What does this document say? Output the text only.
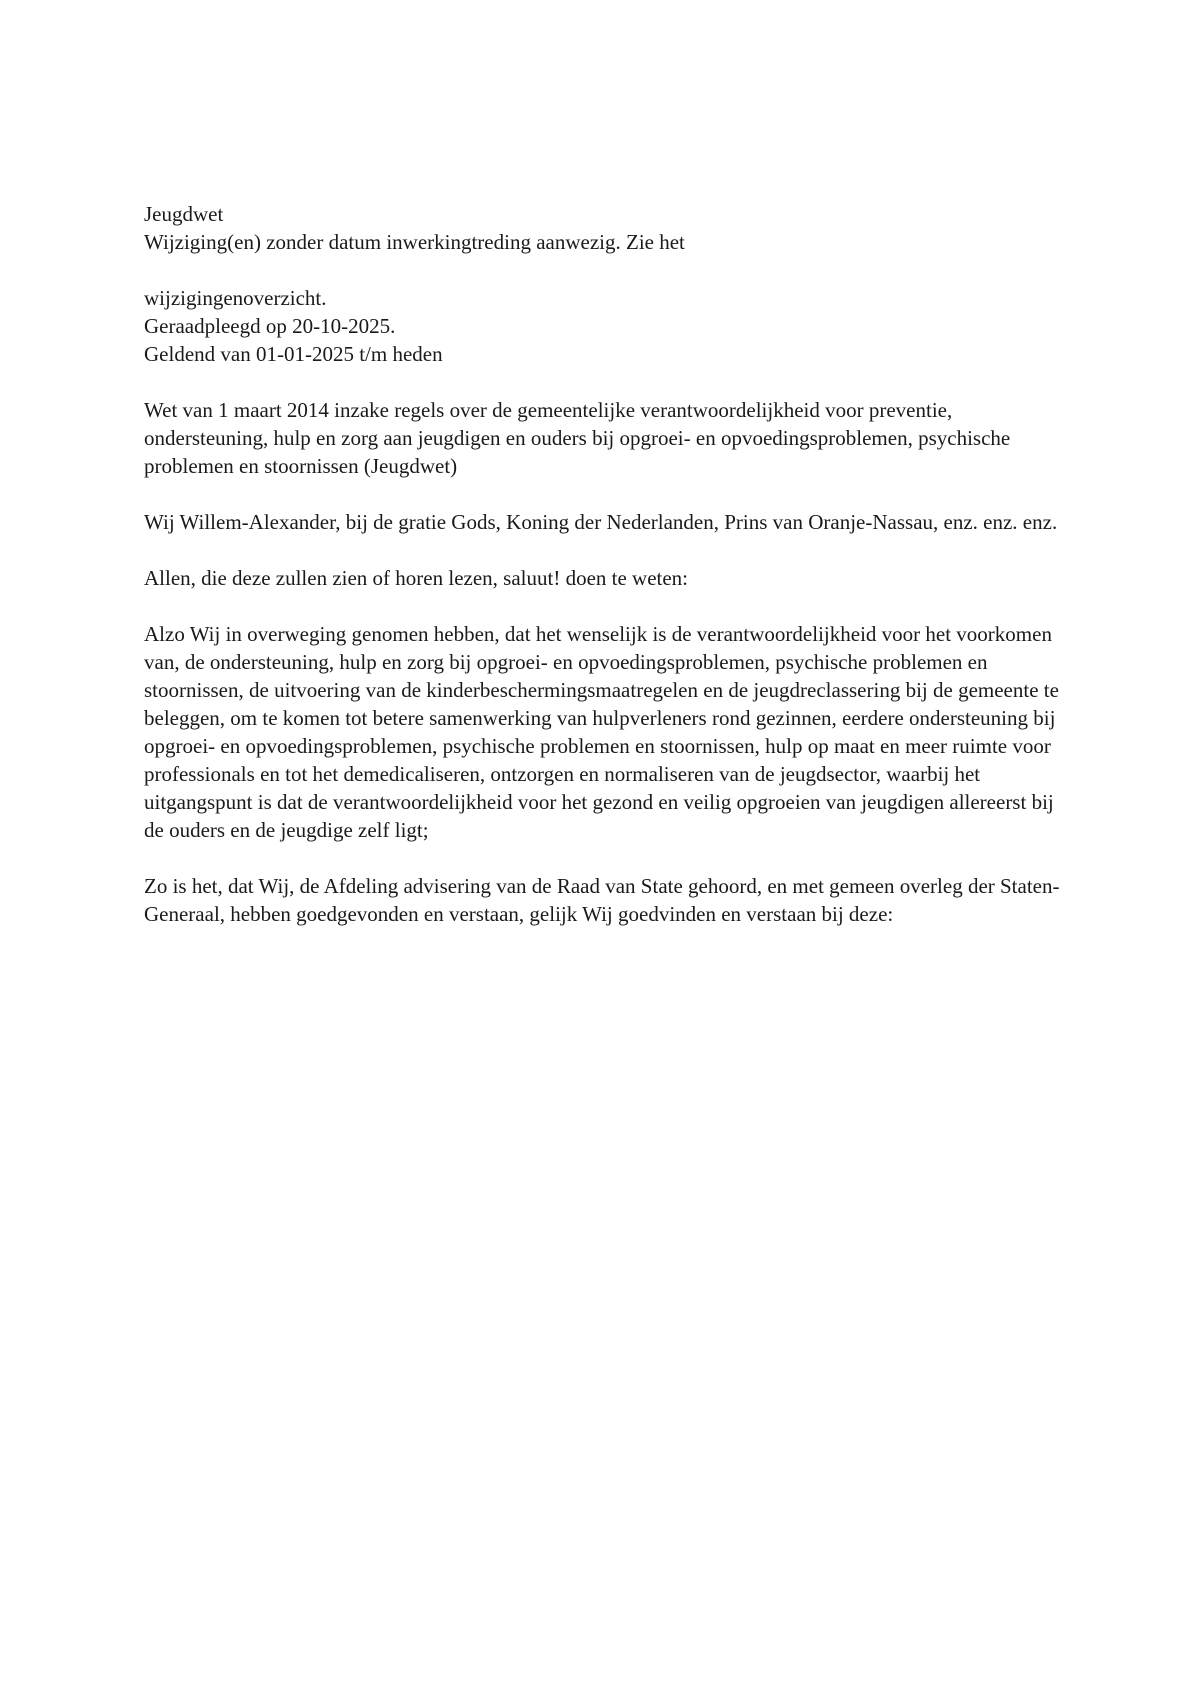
Jeugdwet

Wijziging(en) zonder datum inwerkingtreding aanwezig. Zie het

wijzigingenoverzicht.

Geraadpleegd op 20-10-2025.

Geldend van 01-01-2025 t/m heden

Wet van 1 maart 2014 inzake regels over de gemeentelijke verantwoordelijkheid voor preventie, ondersteuning, hulp en zorg aan jeugdigen en ouders bij opgroei- en opvoedingsproblemen, psychische problemen en stoornissen (Jeugdwet)

Wij Willem-Alexander, bij de gratie Gods, Koning der Nederlanden, Prins van Oranje-Nassau, enz. enz. enz.

Allen, die deze zullen zien of horen lezen, saluut! doen te weten:

Alzo Wij in overweging genomen hebben, dat het wenselijk is de verantwoordelijkheid voor het voorkomen van, de ondersteuning, hulp en zorg bij opgroei- en opvoedingsproblemen, psychische problemen en stoornissen, de uitvoering van de kinderbeschermingsmaatregelen en de jeugdreclassering bij de gemeente te beleggen, om te komen tot betere samenwerking van hulpverleners rond gezinnen, eerdere ondersteuning bij opgroei- en opvoedingsproblemen, psychische problemen en stoornissen, hulp op maat en meer ruimte voor professionals en tot het demedicaliseren, ontzorgen en normaliseren van de jeugdsector, waarbij het uitgangspunt is dat de verantwoordelijkheid voor het gezond en veilig opgroeien van jeugdigen allereerst bij de ouders en de jeugdige zelf ligt;

Zo is het, dat Wij, de Afdeling advisering van de Raad van State gehoord, en met gemeen overleg der Staten-Generaal, hebben goedgevonden en verstaan, gelijk Wij goedvinden en verstaan bij deze:
